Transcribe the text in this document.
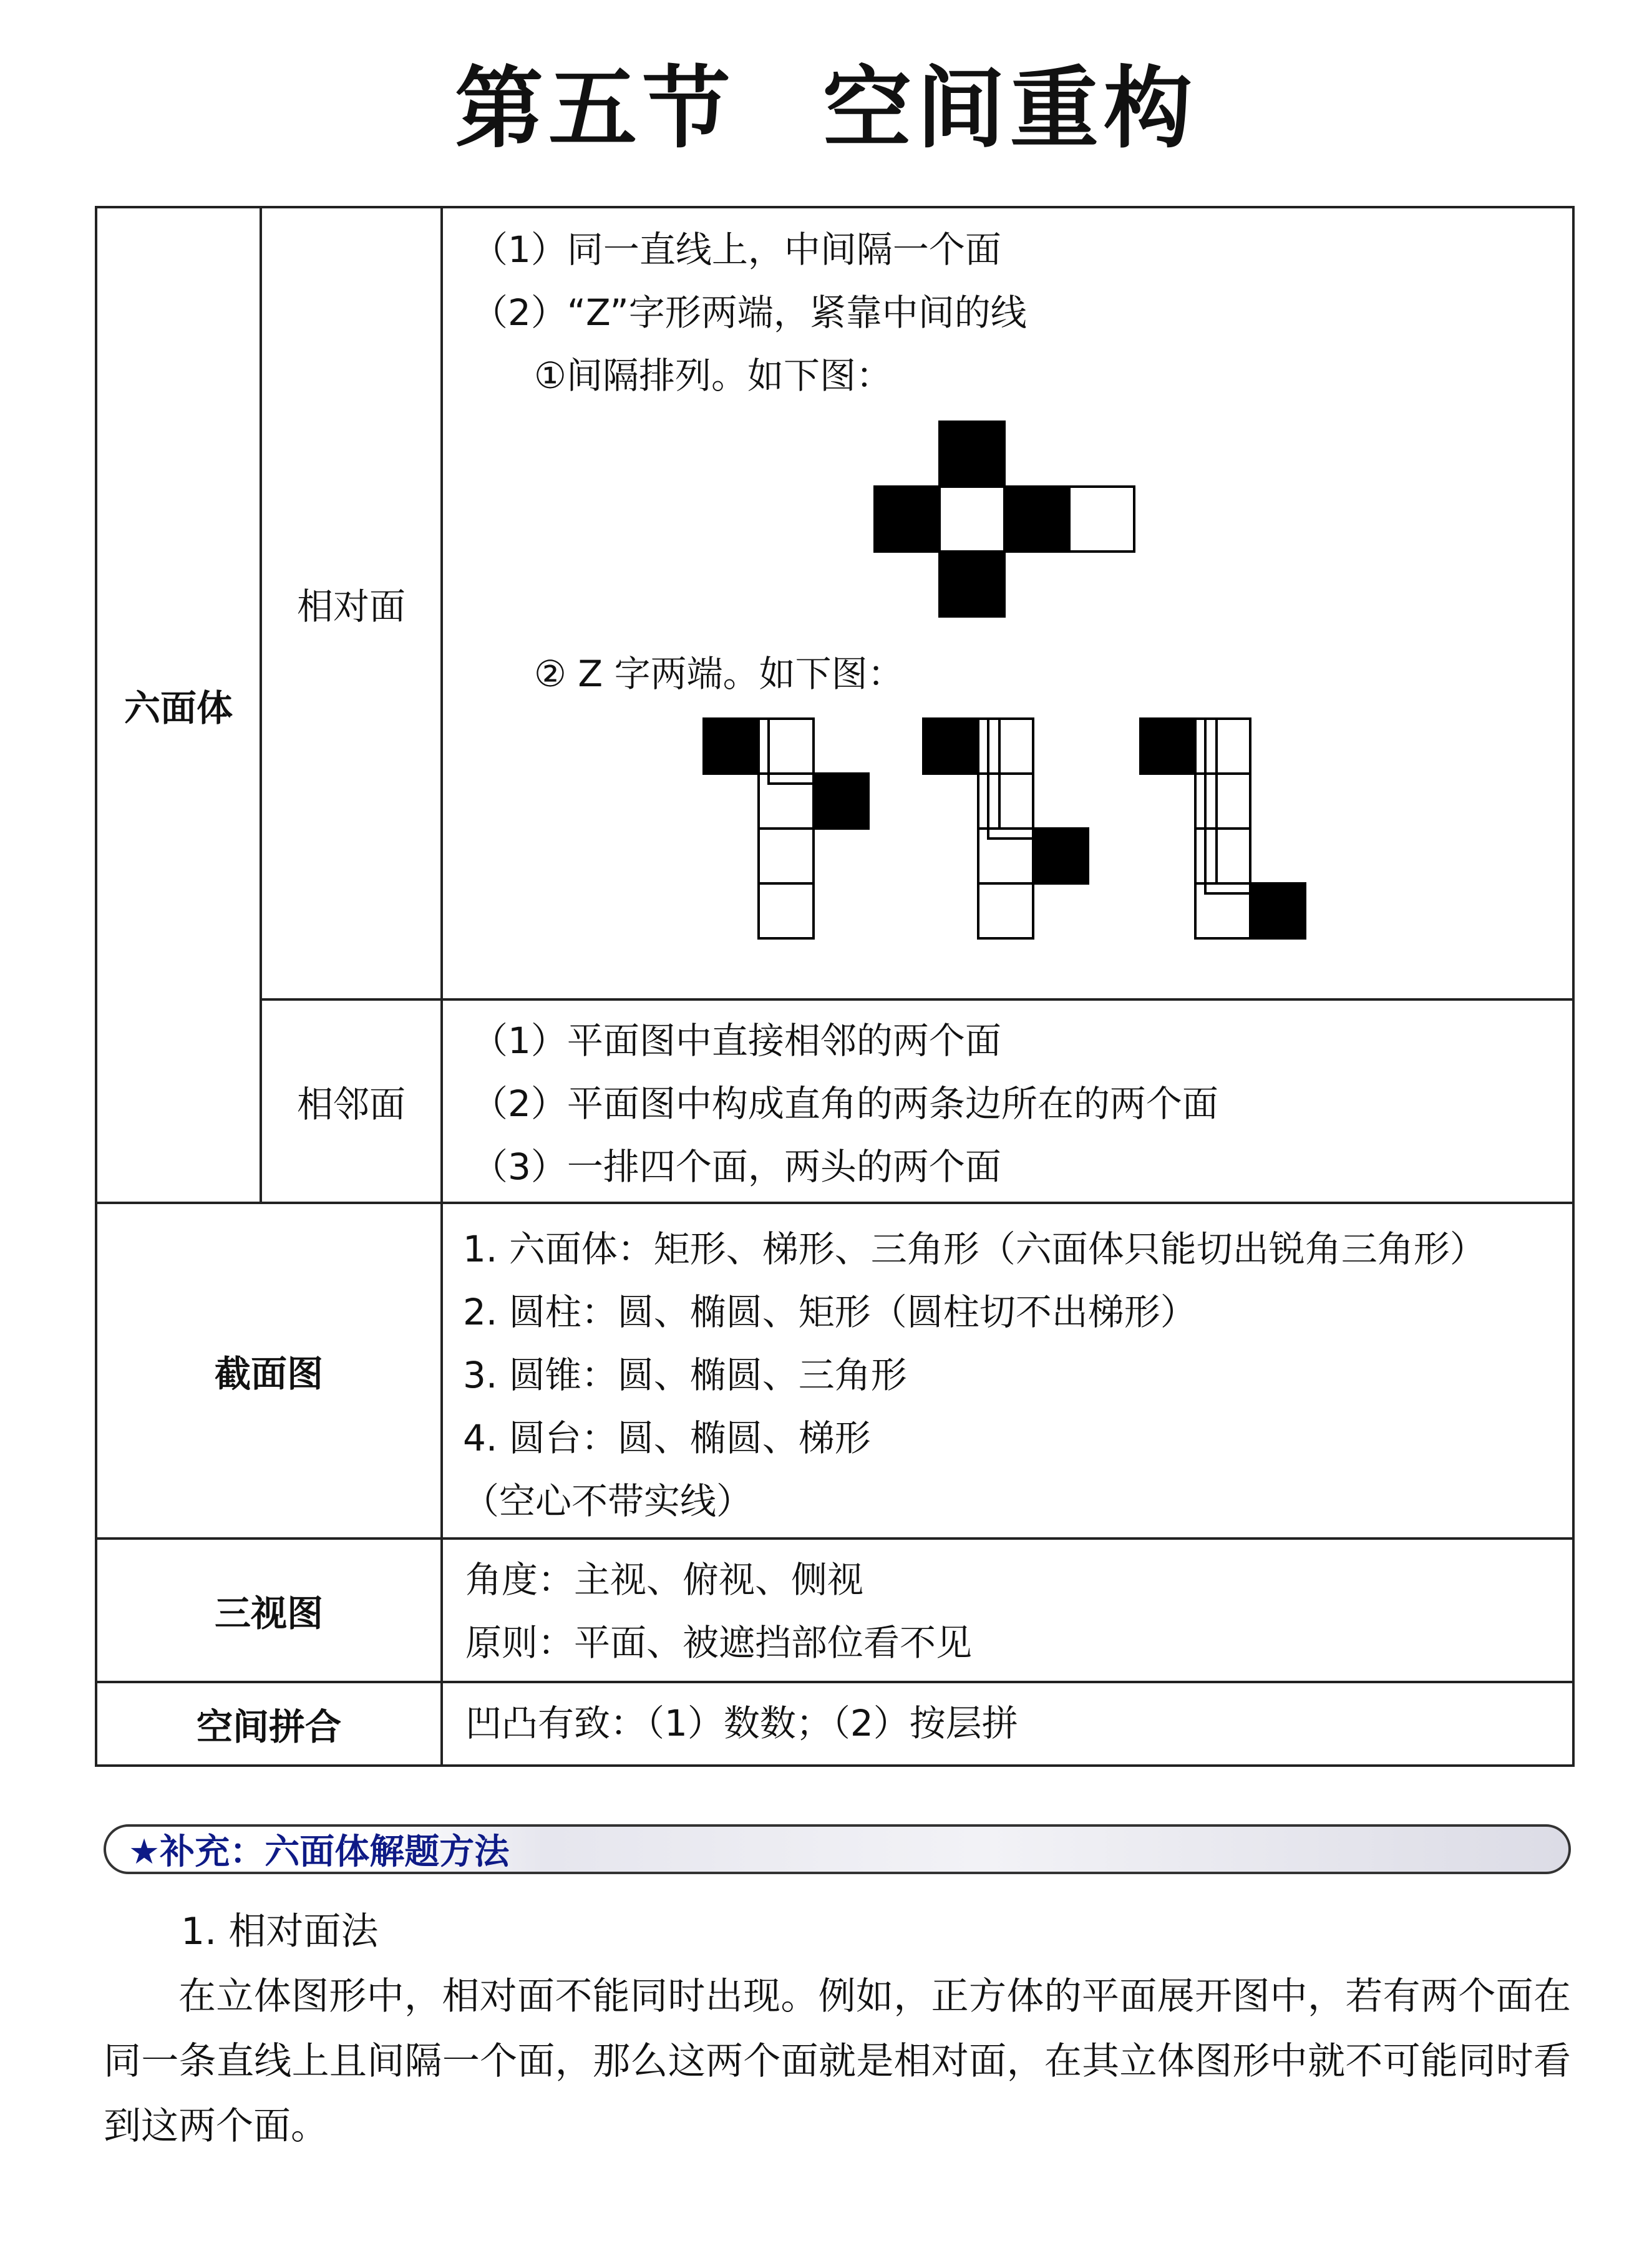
第五节 空间重构
六面体
相对面
相邻面
截面图
三视图
空间拼合
（1）同一直线上，中间隔一个面
（2）“Z”字形两端，紧靠中间的线
①间隔排列。如下图：
② Z 字两端。如下图：
（1）平面图中直接相邻的两个面
（2）平面图中构成直角的两条边所在的两个面
（3）一排四个面，两头的两个面
1. 六面体：矩形、梯形、三角形（六面体只能切出锐角三角形）
2. 圆柱：圆、椭圆、矩形（圆柱切不出梯形）
3. 圆锥：圆、椭圆、三角形
4. 圆台：圆、椭圆、梯形
（空心不带实线）
角度：主视、俯视、侧视
原则：平面、被遮挡部位看不见
凹凸有致：（1）数数；（2）按层拼
★补充：六面体解题方法

1. 相对面法

在立体图形中，相对面不能同时出现。例如，正方体的平面展开图中，若有两个面在同一条直线上且间隔一个面，那么这两个面就是相对面，在其立体图形中就不可能同时看到这两个面。
